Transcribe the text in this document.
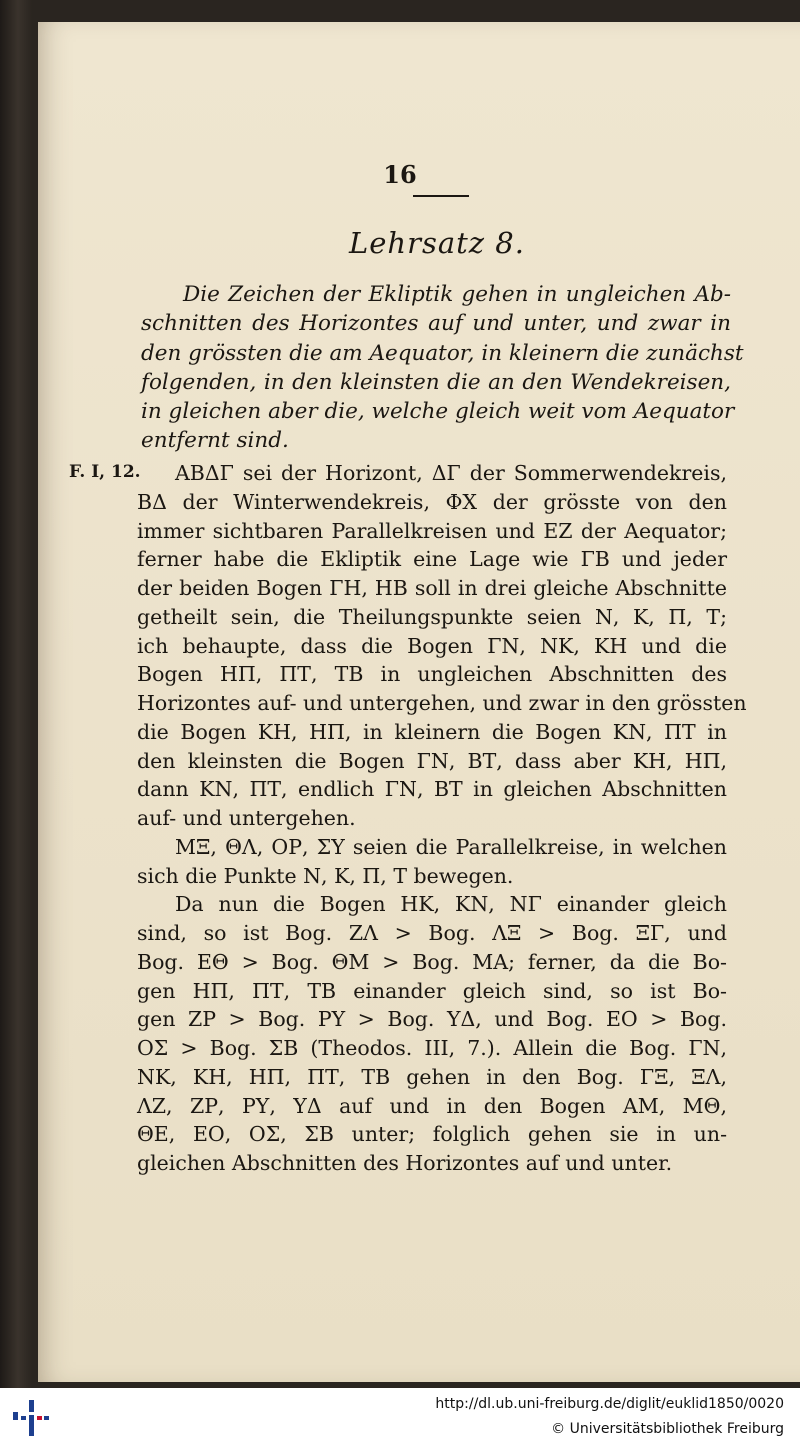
16
Lehrsatz 8.
Die Zeichen der Ekliptik gehen in ungleichen Ab-
schnitten des Horizontes auf und unter, und zwar in
den grössten die am Aequator, in kleinern die zunächst
folgenden, in den kleinsten die an den Wendekreisen,
in gleichen aber die, welche gleich weit vom Aequator
entfernt sind.
F. I, 12.	ΑΒΔΓ sei der Horizont, ΔΓ der Sommerwendekreis,
ΒΔ der Winterwendekreis, ΦΧ der grösste von den
immer sichtbaren Parallelkreisen und ΕΖ der Aequator;
ferner habe die Ekliptik eine Lage wie ΓΒ und jeder
der beiden Bogen ΓΗ, ΗΒ soll in drei gleiche Abschnitte
getheilt sein, die Theilungspunkte seien Ν, Κ, Π, Τ;
ich behaupte, dass die Bogen ΓΝ, ΝΚ, ΚΗ und die
Bogen ΗΠ, ΠΤ, ΤΒ in ungleichen Abschnitten des
Horizontes auf- und untergehen, und zwar in den grössten
die Bogen ΚΗ, ΗΠ, in kleinern die Bogen ΚΝ, ΠΤ in
den kleinsten die Bogen ΓΝ, ΒΤ, dass aber ΚΗ, ΗΠ,
dann ΚΝ, ΠΤ, endlich ΓΝ, ΒΤ in gleichen Abschnitten
auf- und untergehen.
ΜΞ, ΘΛ, ΟΡ, ΣΥ seien die Parallelkreise, in welchen
sich die Punkte Ν, Κ, Π, Τ bewegen.
Da nun die Bogen ΗΚ, ΚΝ, ΝΓ einander gleich
sind, so ist Bog. ΖΛ > Bog. ΛΞ > Bog. ΞΓ, und
Bog. ΕΘ > Bog. ΘΜ > Bog. ΜΑ; ferner, da die Bo-
gen ΗΠ, ΠΤ, ΤΒ einander gleich sind, so ist Bo-
gen ΖΡ > Bog. ΡΥ > Bog. ΥΔ, und Bog. ΕΟ > Bog.
ΟΣ > Bog. ΣΒ (Theodos. III, 7.). Allein die Bog. ΓΝ,
ΝΚ, ΚΗ, ΗΠ, ΠΤ, ΤΒ gehen in den Bog. ΓΞ, ΞΛ,
ΛΖ, ΖΡ, ΡΥ, ΥΔ auf und in den Bogen ΑΜ, ΜΘ,
ΘΕ, ΕΟ, ΟΣ, ΣΒ unter; folglich gehen sie in un-
gleichen Abschnitten des Horizontes auf und unter.
http://dl.ub.uni-freiburg.de/diglit/euklid1850/0020
© Universitätsbibliothek Freiburg
